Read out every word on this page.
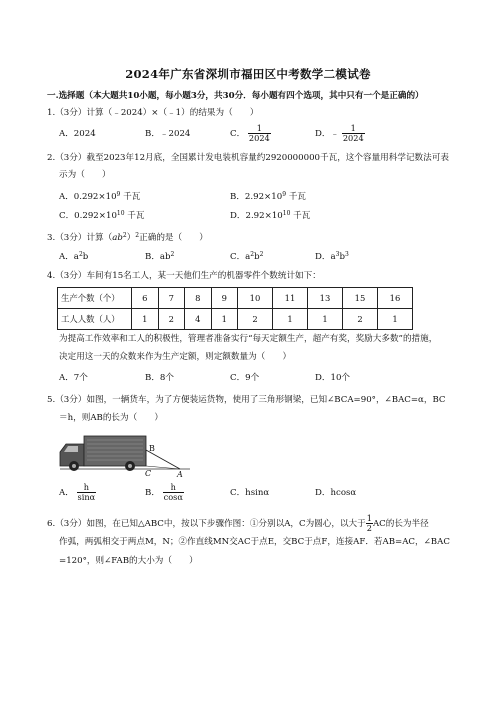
2024年广东省深圳市福田区中考数学二模试卷
一.选择题（本大题共10小题，每小题3分，共30分．每小题有四个选项，其中只有一个是正确的）
1.（3分）计算（﹣2024）×（﹣1）的结果为（　　）
A．2024	B．﹣2024	C． $\frac{1}{2024}$	D．﹣ $\frac{1}{2024}$
2.（3分）截至2023年12月底，全国累计发电装机容量约2920000000千瓦，这个容量用科学记数法可表
示为（　　）
A．$0.292\times 10^9$ 千瓦	B．$2.92\times 10^9$ 千瓦
C．$0.292\times 10^{10}$ 千瓦	D．$2.92\times 10^{10}$ 千瓦
3.（3分）计算$(ab^2)^2$正确的是（　　）
A．$a^2b$	B．$ab^2$	C．$a^2b^2$	D．$a^3b^3$
4.（3分）车间有15名工人，某一天他们生产的机器零件个数统计如下：
生产个数（个）	6	7	8	9	10	11	13	15	16
工人人数（人）	1	2	4	1	2	1	1	2	1
为提高工作效率和工人的积极性，管理者准备实行“每天定额生产，超产有奖，奖励大多数”的措施，
决定用这一天的众数来作为生产定额，则定额数量为（　　）
A．7个	B．8个	C．9个	D．10个
5.（3分）如图，一辆货车，为了方便装运货物，使用了三角形钢梁，已知∠BCA=90°，∠BAC=α，BC
＝h，则AB的长为（　　）
B
C	A
A． $\frac{h}{\sin\alpha}$	B． $\frac{h}{\cos\alpha}$	C．hsinα	D．hcosα
6.（3分）如图，在已知△ABC中，按以下步骤作图：①分别以A，C为圆心，以大于 $\frac{1}{2}$ AC的长为半径
作弧，两弧相交于两点M，N；②作直线MN交AC于点E，交BC于点F，连接AF．若AB=AC，∠BAC
=120°，则∠FAB的大小为（　　）
